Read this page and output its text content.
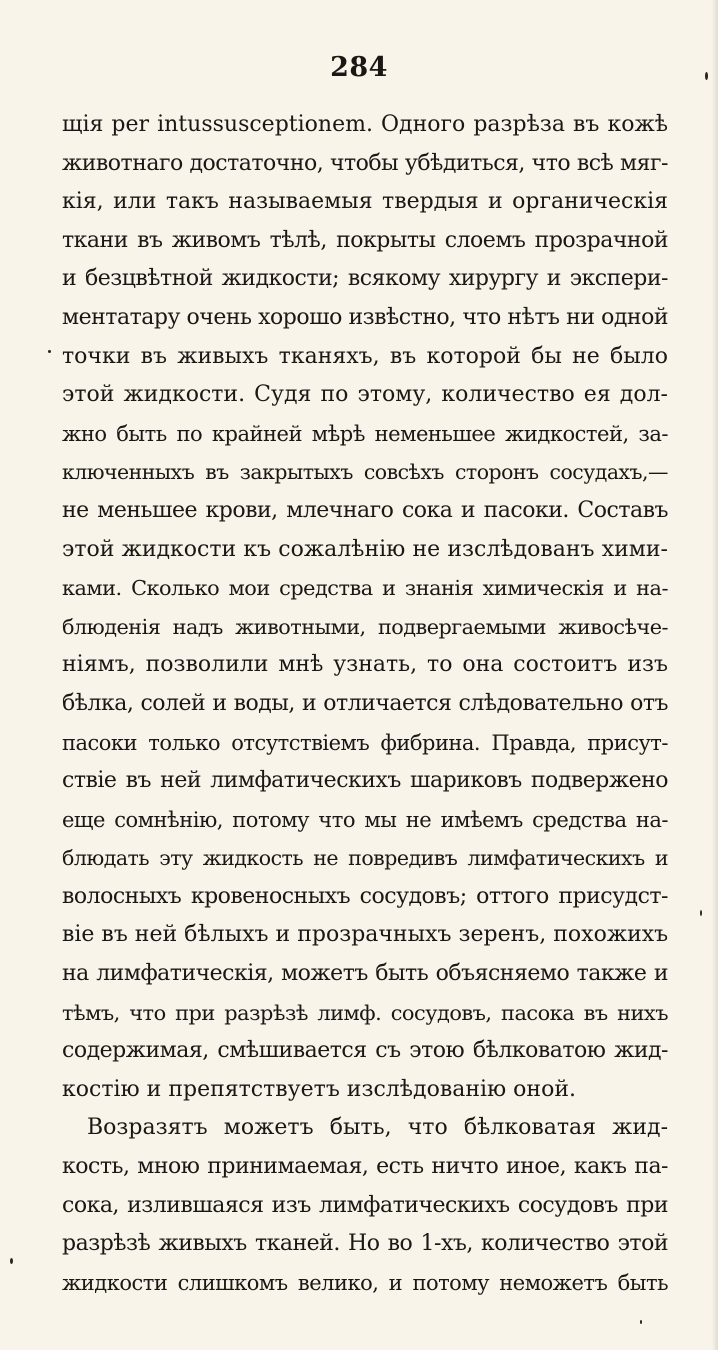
284
щія per intussusceptionem. Одного разрѣза въ кожѣ
животнаго достаточно, чтобы убѣдиться, что всѣ мяг-
кія, или такъ называемыя твердыя и органическія
ткани въ живомъ тѣлѣ, покрыты слоемъ прозрачной
и безцвѣтной жидкости; всякому хирургу и экспери-
ментатару очень хорошо извѣстно, что нѣтъ ни одной
точки въ живыхъ тканяхъ, въ которой бы не было
этой жидкости. Судя по этому, количество ея дол-
жно быть по крайней мѣрѣ неменьшее жидкостей, за-
ключенныхъ въ закрытыхъ совсѣхъ сторонъ сосудахъ,—
не меньшее крови, млечнаго сока и пасоки. Составъ
этой жидкости къ сожалѣнію не изслѣдованъ хими-
ками. Сколько мои средства и знанія химическія и на-
блюденія надъ животными, подвергаемыми живосѣче-
ніямъ, позволили мнѣ узнать, то она состоитъ изъ
бѣлка, солей и воды, и отличается слѣдовательно отъ
пасоки только отсутствіемъ фибрина. Правда, присут-
ствіе въ ней лимфатическихъ шариковъ подвержено
еще сомнѣнію, потому что мы не имѣемъ средства на-
блюдать эту жидкость не повредивъ лимфатическихъ и
волосныхъ кровеносныхъ сосудовъ; оттого присудст-
віе въ ней бѣлыхъ и прозрачныхъ зеренъ, похожихъ
на лимфатическія, можетъ быть объясняемо также и
тѣмъ, что при разрѣзѣ лимф. сосудовъ, пасока въ нихъ
содержимая, смѣшивается съ этою бѣлковатою жид-
костію и препятствуетъ изслѣдованію оной.
Возразятъ можетъ быть, что бѣлковатая жид-
кость, мною принимаемая, есть ничто иное, какъ па-
сока, излившаяся изъ лимфатическихъ сосудовъ при
разрѣзѣ живыхъ тканей. Но во 1-хъ, количество этой
жидкости слишкомъ велико, и потому неможетъ быть
